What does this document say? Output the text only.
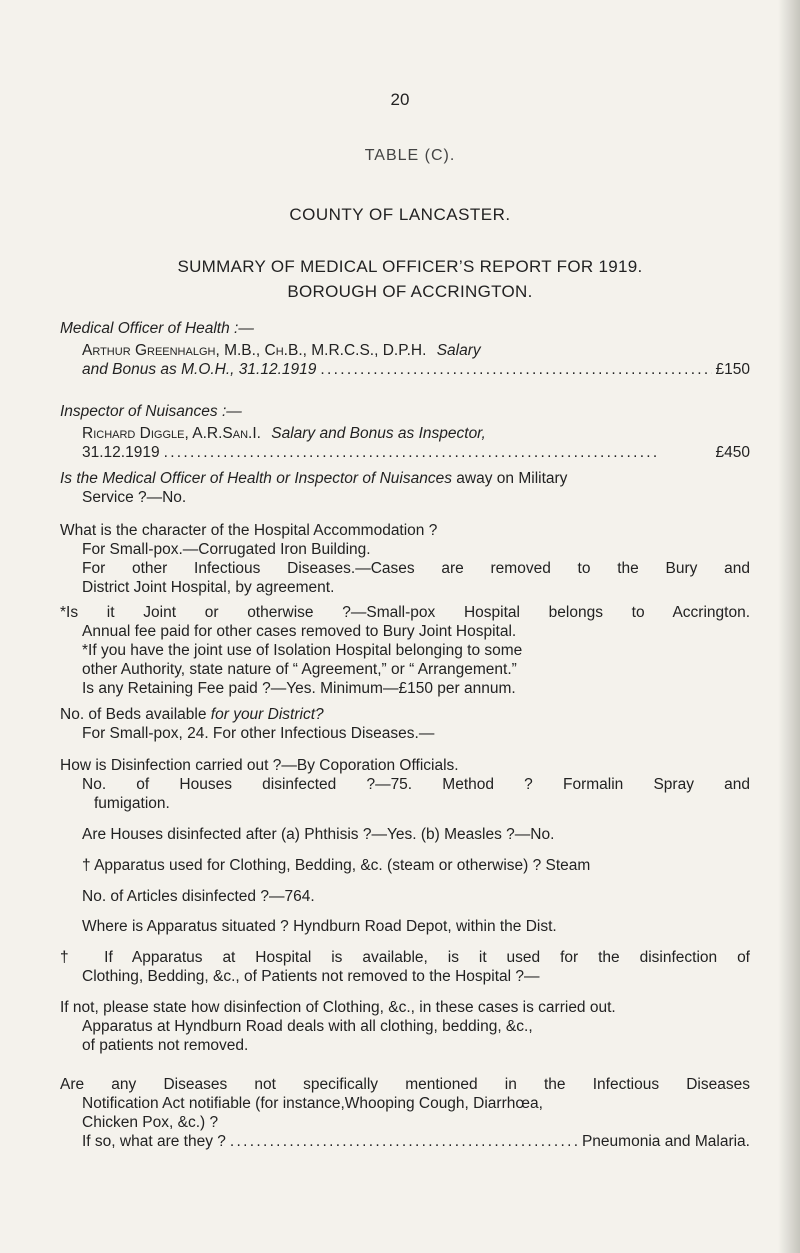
20
TABLE (C).
COUNTY OF LANCASTER.
SUMMARY OF MEDICAL OFFICER’S REPORT FOR 1919.
BOROUGH OF ACCRINGTON.

Medical Officer of Health :—

Arthur Greenhalgh, M.B., Ch.B., M.R.C.S., D.P.H. Salary

and Bonus as M.O.H., 31.12.1919 . . .	£150

Inspector of Nuisances :—

Richard Diggle, A.R.San.I. Salary and Bonus as Inspector,

31.12.1919 . . .	£450

Is the Medical Officer of Health or Inspector of Nuisances away on Military

Service ?—No.

What is the character of the Hospital Accommodation ?

For Small-pox.—Corrugated Iron Building.

For other Infectious Diseases.—Cases are removed to the Bury and

District Joint Hospital, by agreement.

*Is it Joint or otherwise ?—Small-pox Hospital belongs to Accrington.

Annual fee paid for other cases removed to Bury Joint Hospital.

*If you have the joint use of Isolation Hospital belonging to some

other Authority, state nature of “ Agreement,” or “ Arrangement.”

Is any Retaining Fee paid ?—Yes. Minimum—£150 per annum.

No. of Beds available for your District?

For Small-pox, 24. For other Infectious Diseases.—

How is Disinfection carried out ?—By Coporation Officials.

No. of Houses disinfected ?—75. Method ? Formalin Spray and

fumigation.

Are Houses disinfected after (a) Phthisis ?—Yes. (b) Measles ?—No.

† Apparatus used for Clothing, Bedding, &c. (steam or otherwise) ? Steam

No. of Articles disinfected ?—764.

Where is Apparatus situated ? Hyndburn Road Depot, within the Dist.

† If Apparatus at Hospital is available, is it used for the disinfection of

Clothing, Bedding, &c., of Patients not removed to the Hospital ?—

If not, please state how disinfection of Clothing, &c., in these cases is carried out.

Apparatus at Hyndburn Road deals with all clothing, bedding, &c.,

of patients not removed.

Are any Diseases not specifically mentioned in the Infectious Diseases

Notification Act notifiable (for instance,Whooping Cough, Diarrhœa,

Chicken Pox, &c.) ?

If so, what are they ? . . .	Pneumonia and Malaria.
